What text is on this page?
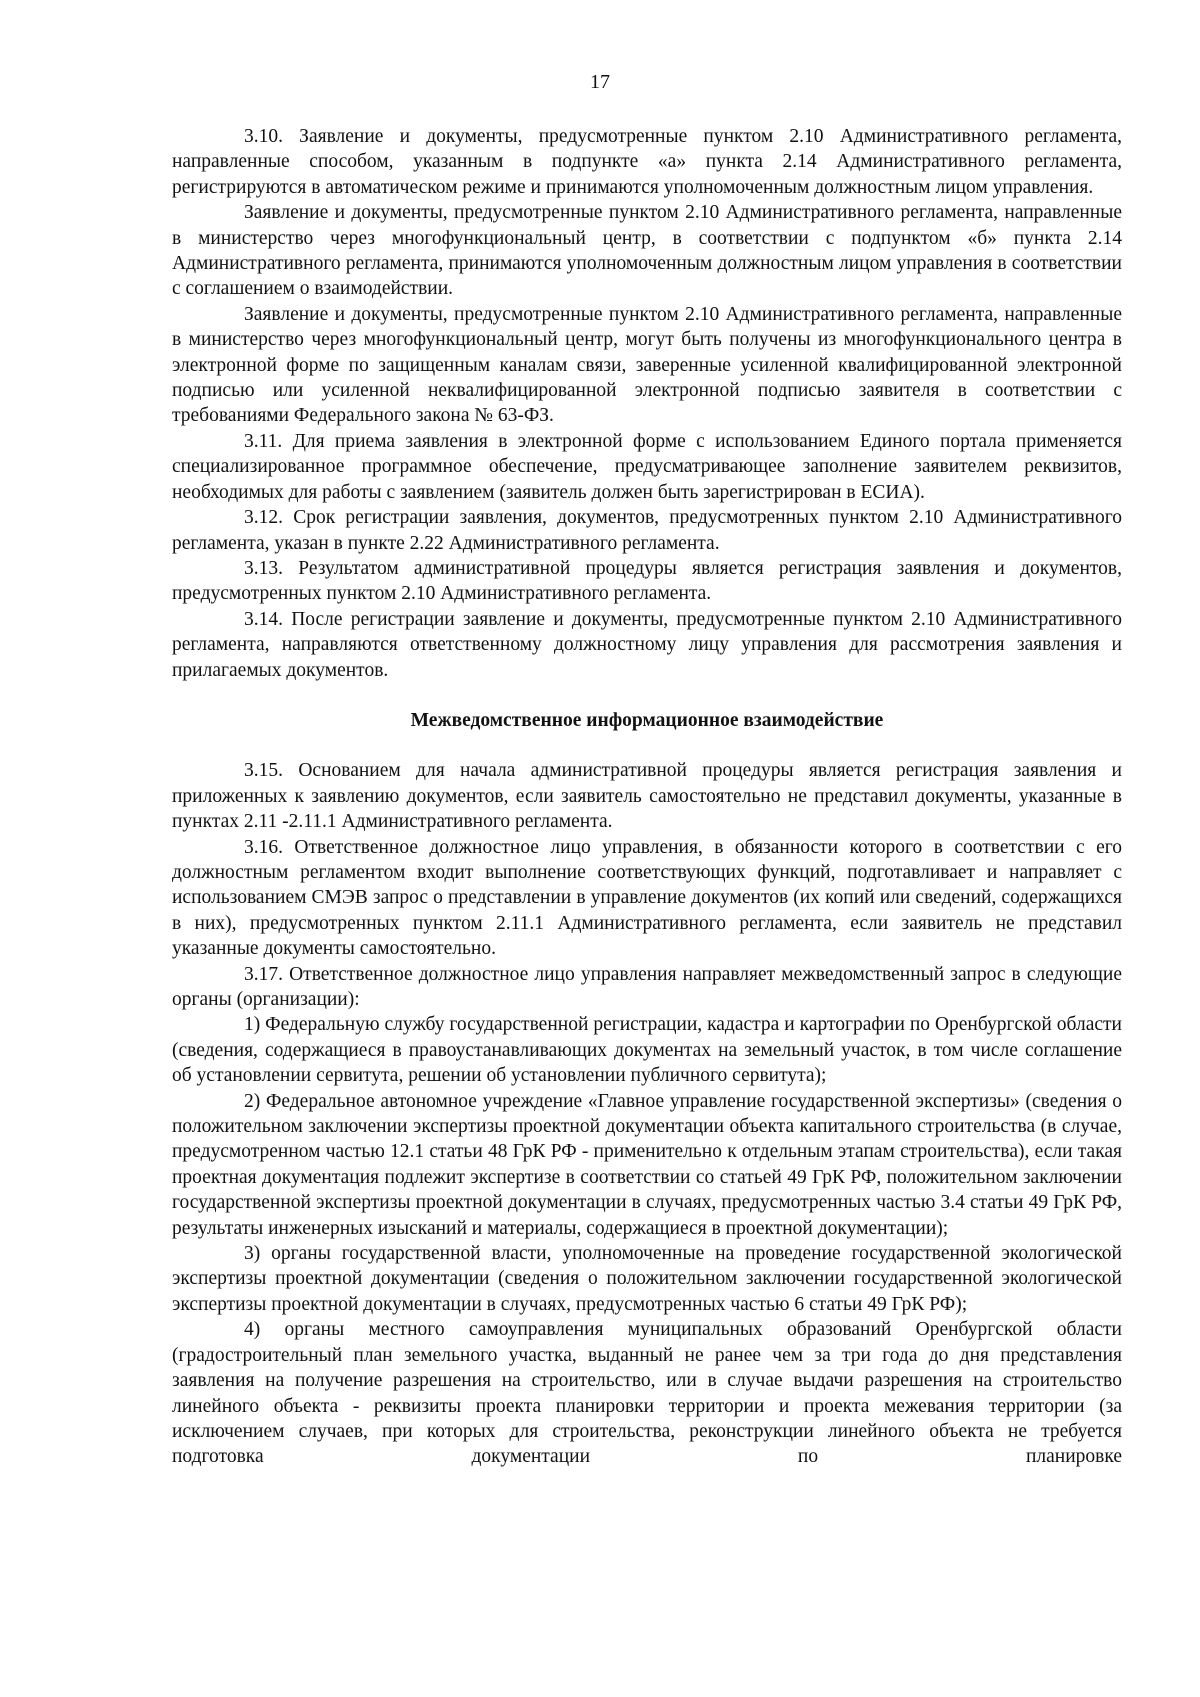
17

3.10. Заявление и документы, предусмотренные пунктом 2.10 Административного регламента, направленные способом, указанным в подпункте «а» пункта 2.14 Административного регламента, регистрируются в автоматическом режиме и принимаются уполномоченным должностным лицом управления.

Заявление и документы, предусмотренные пунктом 2.10 Административного регламента, направленные в министерство через многофункциональный центр, в соответствии с подпунктом «б» пункта 2.14 Административного регламента, принимаются уполномоченным должностным лицом управления в соответствии с соглашением о взаимодействии.

Заявление и документы, предусмотренные пунктом 2.10 Административного регламента, направленные в министерство через многофункциональный центр, могут быть получены из многофункционального центра в электронной форме по защищенным каналам связи, заверенные усиленной квалифицированной электронной подписью или усиленной неквалифицированной электронной подписью заявителя в соответствии с требованиями Федерального закона № 63-ФЗ.

3.11. Для приема заявления в электронной форме с использованием Единого портала применяется специализированное программное обеспечение, предусматривающее заполнение заявителем реквизитов, необходимых для работы с заявлением (заявитель должен быть зарегистрирован в ЕСИА).

3.12. Срок регистрации заявления, документов, предусмотренных пунктом 2.10 Административного регламента, указан в пункте 2.22 Административного регламента.

3.13. Результатом административной процедуры является регистрация заявления и документов, предусмотренных пунктом 2.10 Административного регламента.

3.14. После регистрации заявление и документы, предусмотренные пунктом 2.10 Административного регламента, направляются ответственному должностному лицу управления для рассмотрения заявления и прилагаемых документов.

Межведомственное информационное взаимодействие

3.15. Основанием для начала административной процедуры является регистрация заявления и приложенных к заявлению документов, если заявитель самостоятельно не представил документы, указанные в пунктах 2.11 -2.11.1 Административного регламента.

3.16. Ответственное должностное лицо управления, в обязанности которого в соответствии с его должностным регламентом входит выполнение соответствующих функций, подготавливает и направляет с использованием СМЭВ запрос о представлении в управление документов (их копий или сведений, содержащихся в них), предусмотренных пунктом 2.11.1 Административного регламента, если заявитель не представил указанные документы самостоятельно.

3.17. Ответственное должностное лицо управления направляет межведомственный запрос в следующие органы (организации):

1) Федеральную службу государственной регистрации, кадастра и картографии по Оренбургской области (сведения, содержащиеся в правоустанавливающих документах на земельный участок, в том числе соглашение об установлении сервитута, решении об установлении публичного сервитута);

2) Федеральное автономное учреждение «Главное управление государственной экспертизы» (сведения о положительном заключении экспертизы проектной документации объекта капитального строительства (в случае, предусмотренном частью 12.1 статьи 48 ГрК РФ - применительно к отдельным этапам строительства), если такая проектная документация подлежит экспертизе в соответствии со статьей 49 ГрК РФ, положительном заключении государственной экспертизы проектной документации в случаях, предусмотренных частью 3.4 статьи 49 ГрК РФ, результаты инженерных изысканий и материалы, содержащиеся в проектной документации);

3) органы государственной власти, уполномоченные на проведение государственной экологической экспертизы проектной документации (сведения о положительном заключении государственной экологической экспертизы проектной документации в случаях, предусмотренных частью 6 статьи 49 ГрК РФ);

4) органы местного самоуправления муниципальных образований Оренбургской области (градостроительный план земельного участка, выданный не ранее чем за три года до дня представления заявления на получение разрешения на строительство, или в случае выдачи разрешения на строительство линейного объекта - реквизиты проекта планировки территории и проекта межевания территории (за исключением случаев, при которых для строительства, реконструкции линейного объекта не требуется подготовка документации по планировке
